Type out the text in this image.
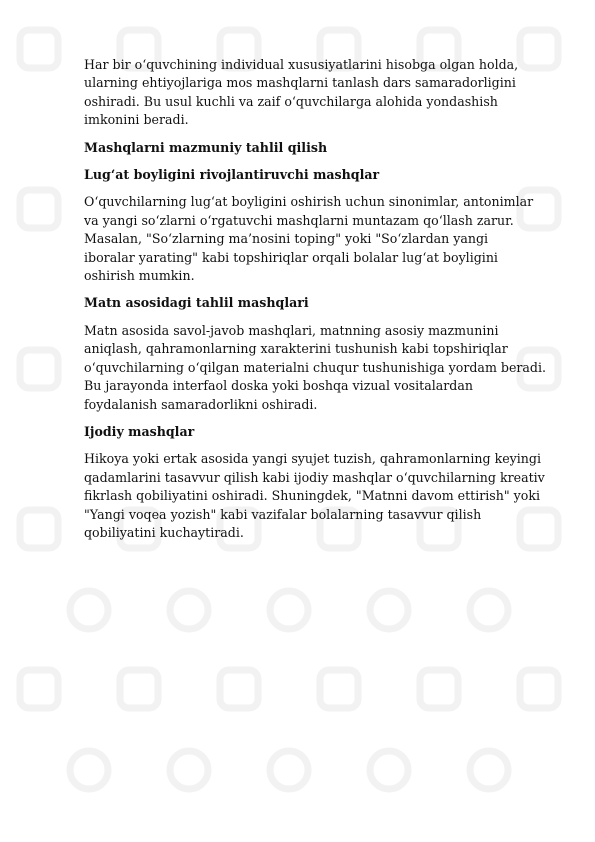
Har bir o‘quvchining individual xususiyatlarini hisobga olgan holda,
ularning ehtiyojlariga mos mashqlarni tanlash dars samaradorligini
oshiradi. Bu usul kuchli va zaif o‘quvchilarga alohida yondashish
imkonini beradi.

Mashqlarni mazmuniy tahlil qilish
Lug‘at boyligini rivojlantiruvchi mashqlar

O‘quvchilarning lug‘at boyligini oshirish uchun sinonimlar, antonimlar
va yangi so‘zlarni o‘rgatuvchi mashqlarni muntazam qo‘llash zarur.
Masalan, "So‘zlarning ma’nosini toping" yoki "So‘zlardan yangi
iboralar yarating" kabi topshiriqlar orqali bolalar lug‘at boyligini
oshirish mumkin.

Matn asosidagi tahlil mashqlari

Matn asosida savol-javob mashqlari, matnning asosiy mazmunini
aniqlash, qahramonlarning xarakterini tushunish kabi topshiriqlar
o‘quvchilarning o‘qilgan materialni chuqur tushunishiga yordam beradi.
Bu jarayonda interfaol doska yoki boshqa vizual vositalardan
foydalanish samaradorlikni oshiradi.

Ijodiy mashqlar

Hikoya yoki ertak asosida yangi syujet tuzish, qahramonlarning keyingi
qadamlarini tasavvur qilish kabi ijodiy mashqlar o‘quvchilarning kreativ
fikrlash qobiliyatini oshiradi. Shuningdek, "Matnni davom ettirish" yoki
"Yangi voqea yozish" kabi vazifalar bolalarning tasavvur qilish
qobiliyatini kuchaytiradi.
